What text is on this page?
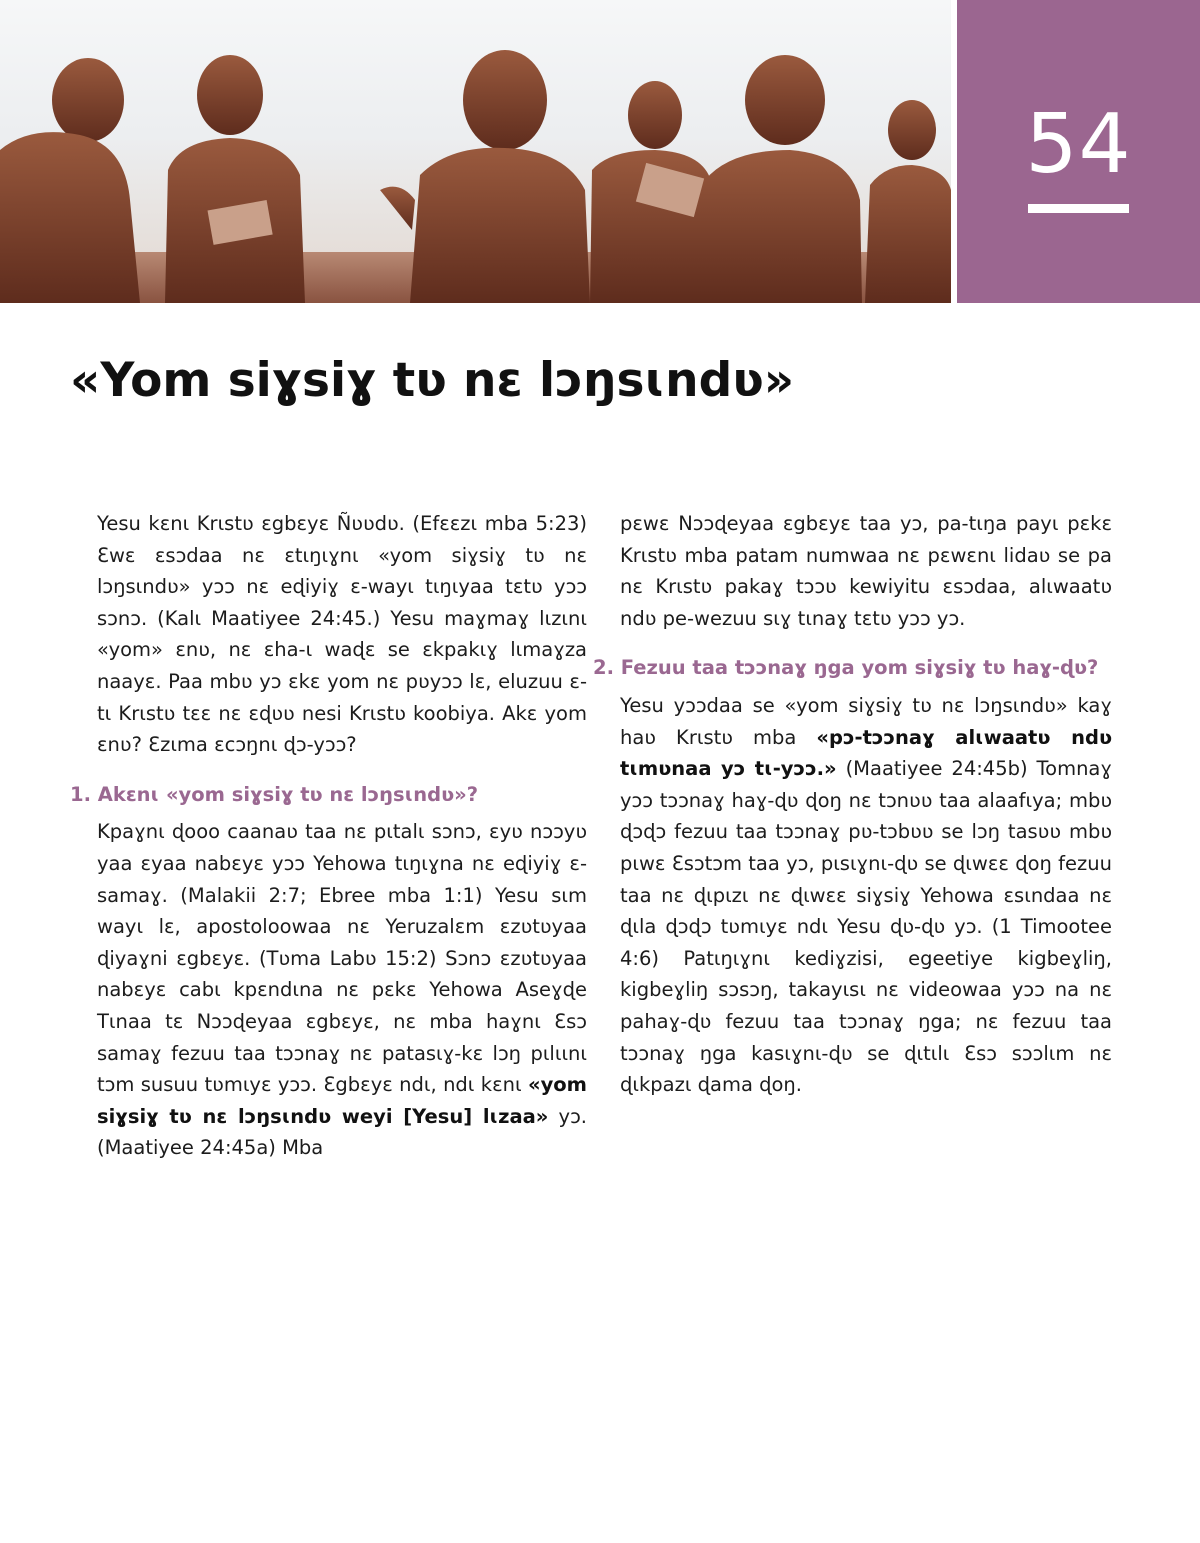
54
«Yom siɣsiɣ tʋ nɛ lɔŋsɩndʋ»

Yesu kɛnɩ Krɩstʋ ɛgbɛyɛ Ñʋʋdʋ. (Efɛɛzɩ mba 5:23) Ɛwɛ ɛsɔdaa nɛ ɛtɩŋɩɣnɩ «yom siɣsiɣ tʋ nɛ lɔŋsɩndʋ» yɔɔ nɛ eɖiyiɣ ɛ-wayɩ tɩŋɩyaa tɛtʋ yɔɔ sɔnɔ. (Kalɩ Maatiyee 24:45.) Yesu maɣmaɣ lɩzɩnɩ «yom» ɛnʋ, nɛ ɛha-ɩ waɖɛ se ɛkpakɩɣ lɩmaɣza naayɛ. Paa mbʋ yɔ ɛkɛ yom nɛ pʋyɔɔ lɛ, eluzuu ɛ-tɩ Krɩstʋ tɛɛ nɛ ɛɖʋʋ nesi Krɩstʋ koobiya. Akɛ yom ɛnʋ? Ɛzɩma ɛcɔŋnɩ ɖɔ-yɔɔ?

1. Akɛnɩ «yom siɣsiɣ tʋ nɛ lɔŋsɩndʋ»?

Kpaɣnɩ ɖooo caanaʋ taa nɛ pɩtalɩ sɔnɔ, ɛyʋ nɔɔyʋ yaa ɛyaa nabɛyɛ yɔɔ Yehowa tɩŋɩɣna nɛ eɖiyiɣ ɛ-samaɣ. (Malakii 2:7; Ebree mba 1:1) Yesu sɩm wayɩ lɛ, apostoloowaa nɛ Yeruzalɛm ɛzʋtʋyaa ɖiyaɣni ɛgbɛyɛ. (Tʋma Labʋ 15:2) Sɔnɔ ɛzʋtʋyaa nabɛyɛ cabɩ kpɛndɩna nɛ pɛkɛ Yehowa Aseɣɖe Tɩnaa tɛ Nɔɔɖeyaa ɛgbɛyɛ, nɛ mba haɣnɩ Ɛsɔ samaɣ fezuu taa tɔɔnaɣ nɛ patasɩɣ-kɛ lɔŋ pɩlɩɩnɩ tɔm susuu tʋmɩyɛ yɔɔ. Ɛgbɛyɛ ndɩ, ndɩ kɛnɩ «yom siɣsiɣ tʋ nɛ lɔŋsɩndʋ weyi [Yesu] lɩzaa» yɔ. (Maatiyee 24:45a) Mba

pɛwɛ Nɔɔɖeyaa ɛgbɛyɛ taa yɔ, pa-tɩŋa payɩ pɛkɛ Krɩstʋ mba patam numwaa nɛ pɛwɛnɩ lidaʋ se pa nɛ Krɩstʋ pakaɣ tɔɔʋ kewiyitu ɛsɔdaa, alɩwaatʋ ndʋ pe-wezuu sɩɣ tɩnaɣ tɛtʋ yɔɔ yɔ.

2. Fezuu taa tɔɔnaɣ ŋga yom siɣsiɣ tʋ haɣ-ɖʋ?

Yesu yɔɔdaa se «yom siɣsiɣ tʋ nɛ lɔŋsɩndʋ» kaɣ haʋ Krɩstʋ mba «pɔ-tɔɔnaɣ alɩwaatʋ ndʋ tɩmʋnaa yɔ tɩ-yɔɔ.» (Maatiyee 24:45b) Tomnaɣ yɔɔ tɔɔnaɣ haɣ-ɖʋ ɖoŋ nɛ tɔnʋʋ taa alaafɩya; mbʋ ɖɔɖɔ fezuu taa tɔɔnaɣ pʋ-tɔbʋʋ se lɔŋ tasʋʋ mbʋ pɩwɛ Ɛsɔtɔm taa yɔ, pɩsɩɣnɩ-ɖʋ se ɖɩwɛɛ ɖoŋ fezuu taa nɛ ɖɩpɩzɩ nɛ ɖɩwɛɛ siɣsiɣ Yehowa ɛsɩndaa nɛ ɖɩla ɖɔɖɔ tʋmɩyɛ ndɩ Yesu ɖʋ-ɖʋ yɔ. (1 Timootee 4:6) Patɩŋɩɣnɩ kediɣzisi, egeetiye kigbeɣliŋ, kigbeɣliŋ sɔsɔŋ, takayɩsɩ nɛ videowaa yɔɔ na nɛ pahaɣ-ɖʋ fezuu taa tɔɔnaɣ ŋga; nɛ fezuu taa tɔɔnaɣ ŋga kasɩɣnɩ-ɖʋ se ɖɩtɩlɩ Ɛsɔ sɔɔlɩm nɛ ɖɩkpazɩ ɖama ɖoŋ.
